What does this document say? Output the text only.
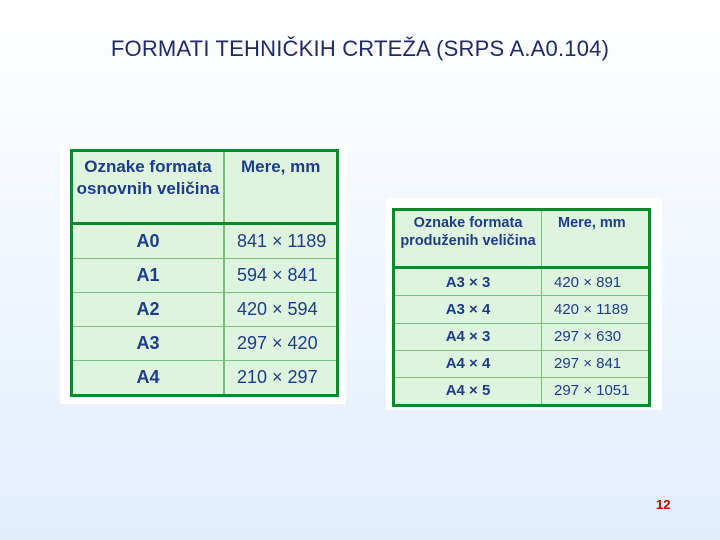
FORMATI TEHNIČKIH CRTEŽA (SRPS A.A0.104)
Oznake formata osnovnih veličina	Mere, mm
A0	841 × 1189
A1	594 × 841
A2	420 × 594
A3	297 × 420
A4	210 × 297
Oznake formata produženih veličina	Mere, mm
A3 × 3	420 × 891
A3 × 4	420 × 1189
A4 × 3	297 × 630
A4 × 4	297 × 841
A4 × 5	297 × 1051
12
